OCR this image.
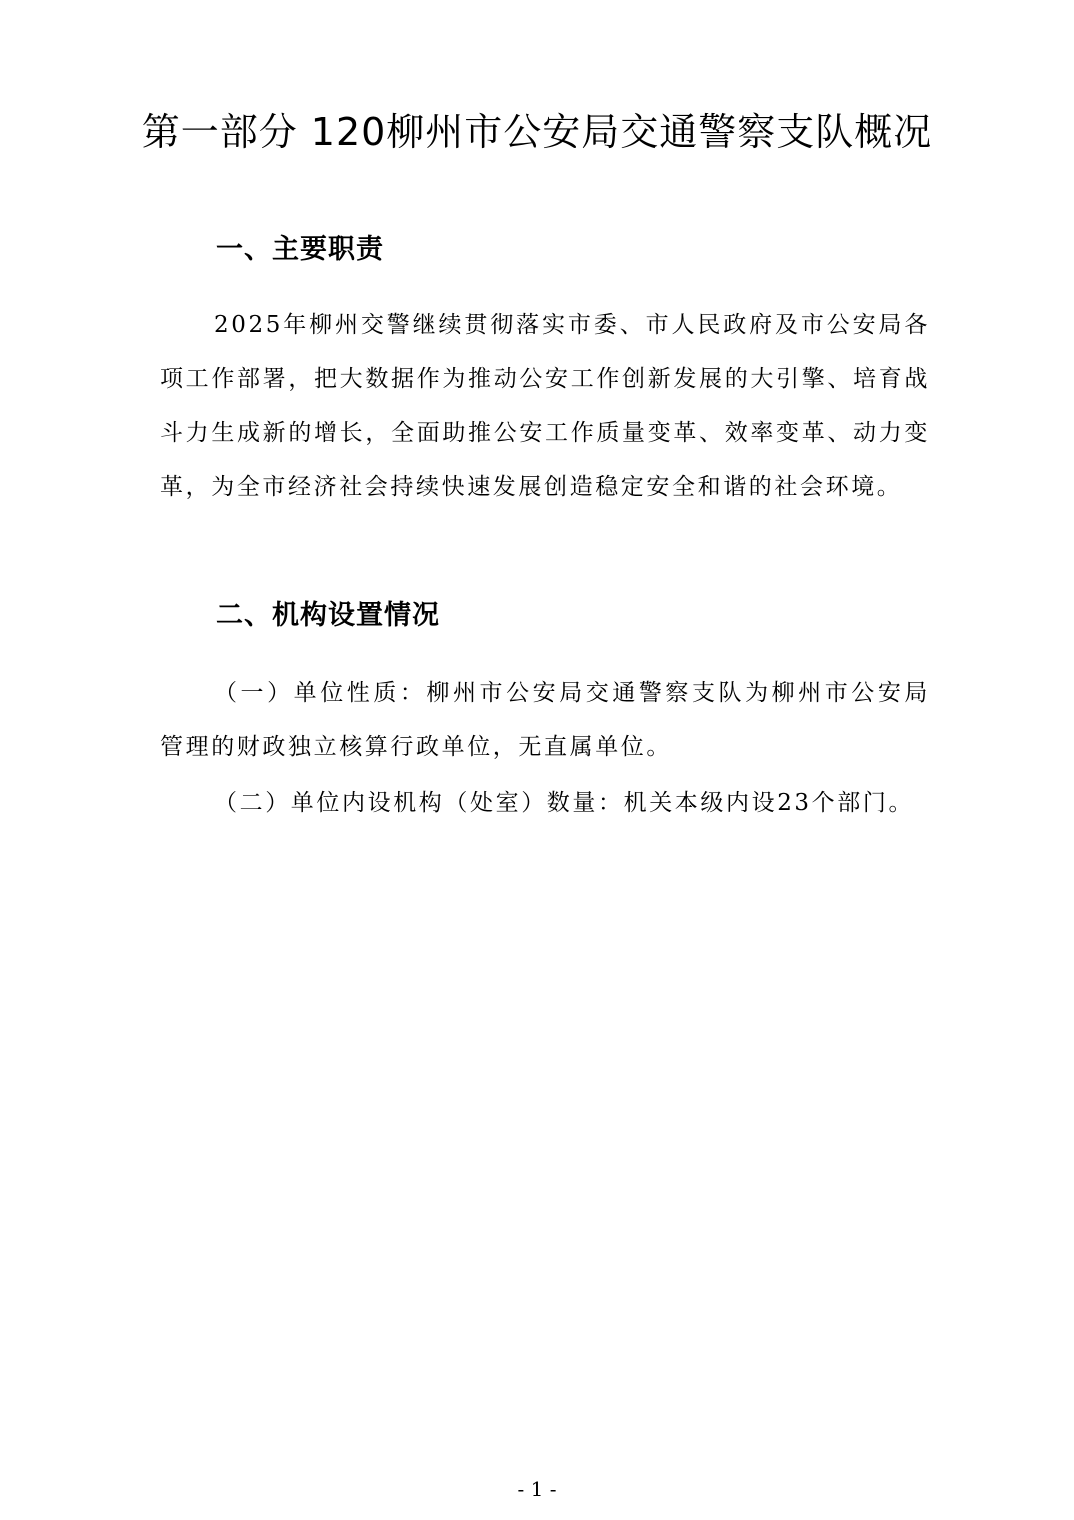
第一部分 120柳州市公安局交通警察支队概况
一、主要职责

2025年柳州交警继续贯彻落实市委、市人民政府及市公安局各项工作部署，把大数据作为推动公安工作创新发展的大引擎、培育战斗力生成新的增长，全面助推公安工作质量变革、效率变革、动力变革，为全市经济社会持续快速发展创造稳定安全和谐的社会环境。

二、机构设置情况

（一）单位性质：柳州市公安局交通警察支队为柳州市公安局管理的财政独立核算行政单位，无直属单位。

（二）单位内设机构（处室）数量：机关本级内设23个部门。

- 1 -
